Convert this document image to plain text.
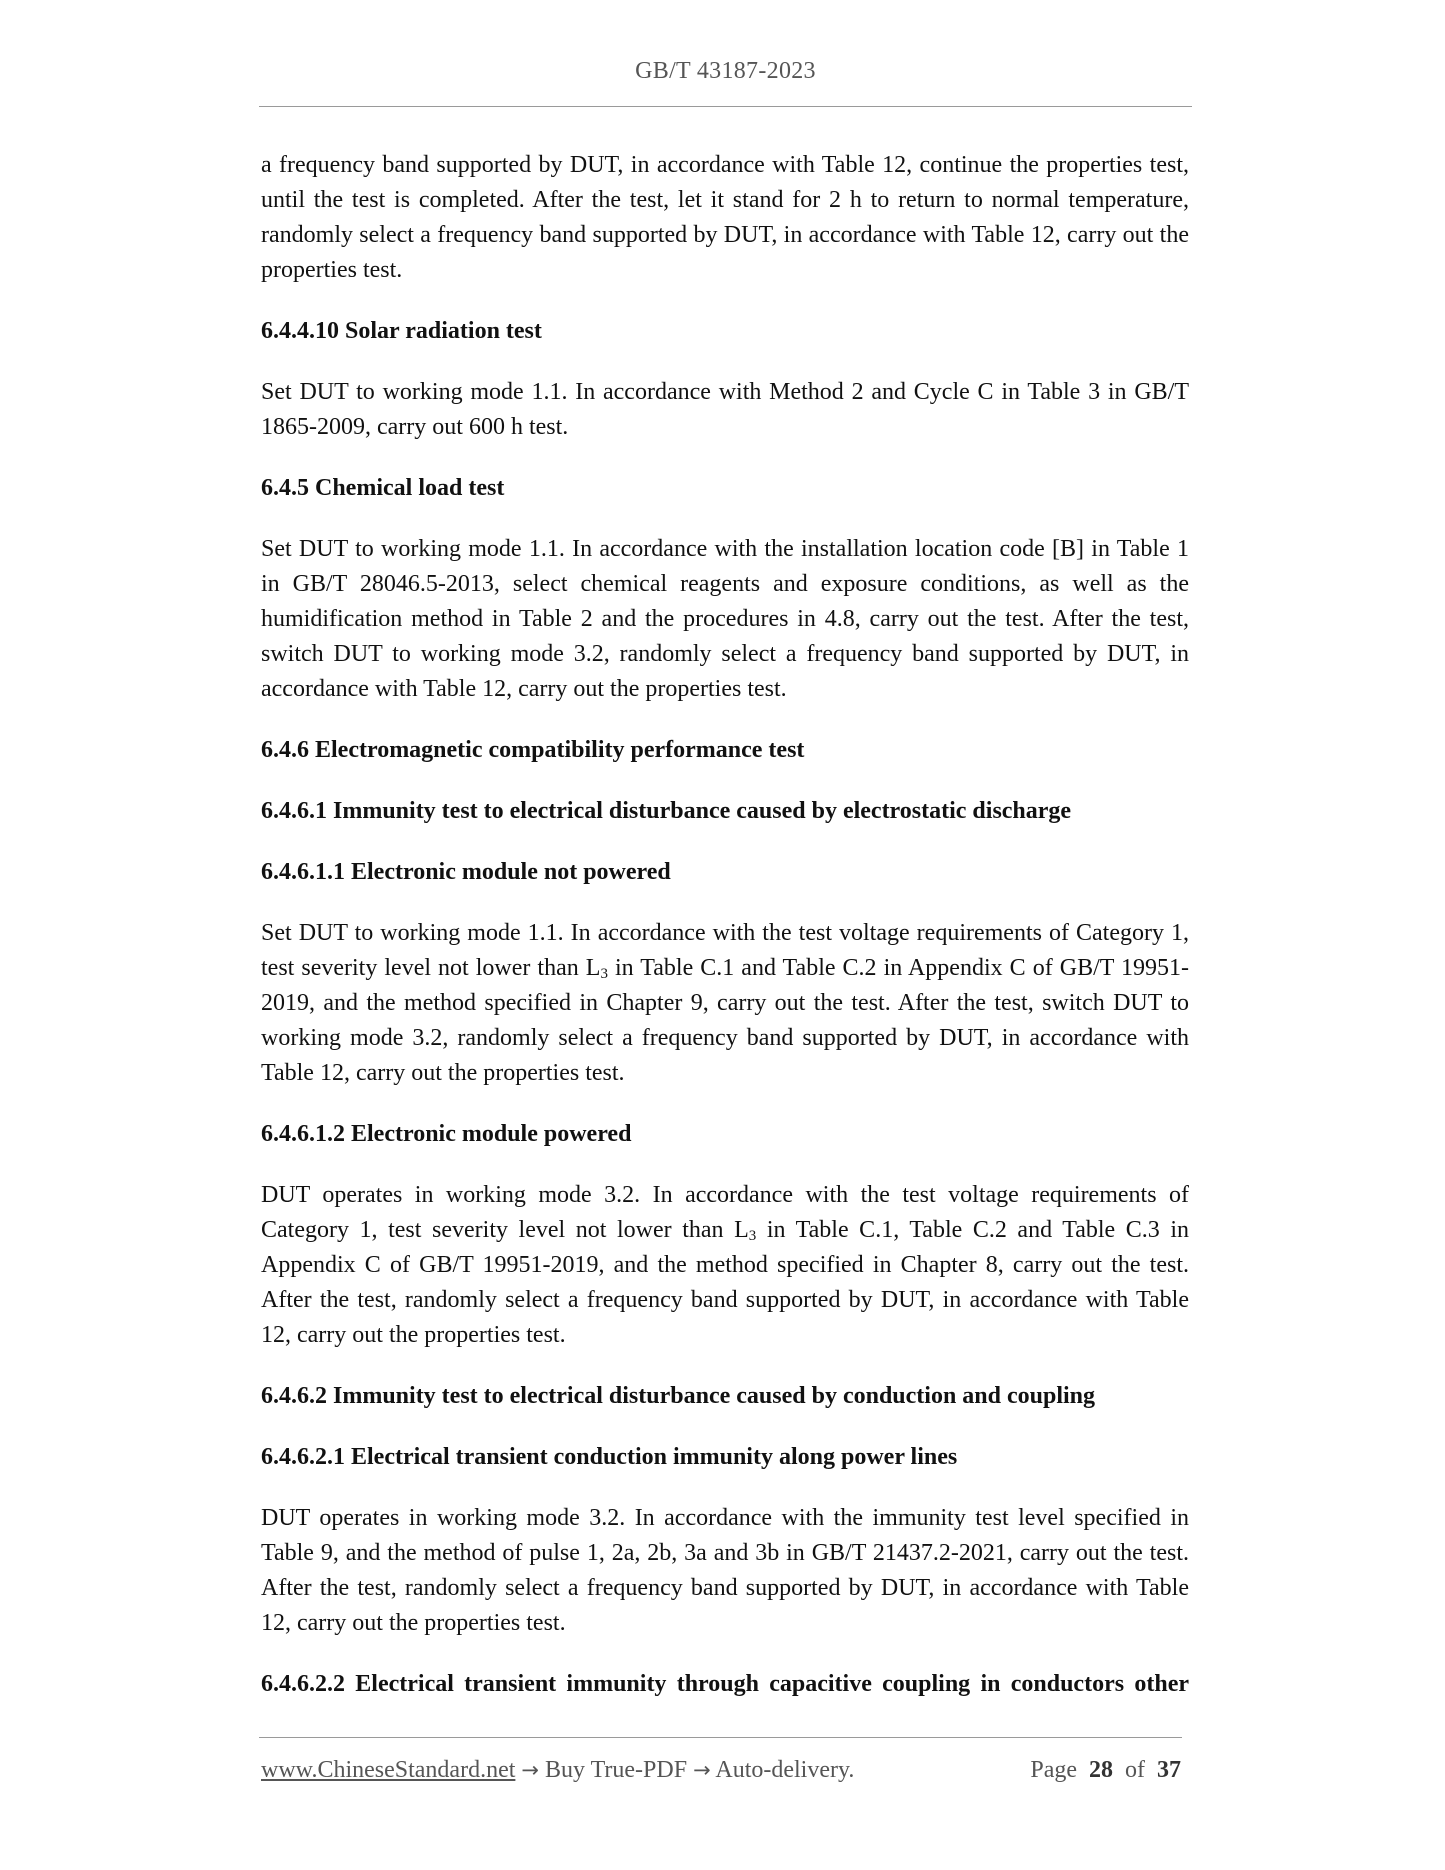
GB/T 43187-2023

a frequency band supported by DUT, in accordance with Table 12, continue the properties test, until the test is completed. After the test, let it stand for 2 h to return to normal temperature, randomly select a frequency band supported by DUT, in accordance with Table 12, carry out the properties test.

6.4.4.10 Solar radiation test

Set DUT to working mode 1.1. In accordance with Method 2 and Cycle C in Table 3 in GB/T 1865-2009, carry out 600 h test.

6.4.5 Chemical load test

Set DUT to working mode 1.1. In accordance with the installation location code [B] in Table 1 in GB/T 28046.5-2013, select chemical reagents and exposure conditions, as well as the humidification method in Table 2 and the procedures in 4.8, carry out the test. After the test, switch DUT to working mode 3.2, randomly select a frequency band supported by DUT, in accordance with Table 12, carry out the properties test.

6.4.6 Electromagnetic compatibility performance test

6.4.6.1 Immunity test to electrical disturbance caused by electrostatic discharge

6.4.6.1.1 Electronic module not powered

Set DUT to working mode 1.1. In accordance with the test voltage requirements of Category 1, test severity level not lower than $L_3$ in Table C.1 and Table C.2 in Appendix C of GB/T 19951-2019, and the method specified in Chapter 9, carry out the test. After the test, switch DUT to working mode 3.2, randomly select a frequency band supported by DUT, in accordance with Table 12, carry out the properties test.

6.4.6.1.2 Electronic module powered

DUT operates in working mode 3.2. In accordance with the test voltage requirements of Category 1, test severity level not lower than $L_3$ in Table C.1, Table C.2 and Table C.3 in Appendix C of GB/T 19951-2019, and the method specified in Chapter 8, carry out the test. After the test, randomly select a frequency band supported by DUT, in accordance with Table 12, carry out the properties test.

6.4.6.2 Immunity test to electrical disturbance caused by conduction and coupling

6.4.6.2.1 Electrical transient conduction immunity along power lines

DUT operates in working mode 3.2. In accordance with the immunity test level specified in Table 9, and the method of pulse 1, 2a, 2b, 3a and 3b in GB/T 21437.2-2021, carry out the test. After the test, randomly select a frequency band supported by DUT, in accordance with Table 12, carry out the properties test.

6.4.6.2.2 Electrical transient immunity through capacitive coupling in conductors other

www.ChineseStandard.net → Buy True-PDF → Auto-delivery.	Page 28 of 37
